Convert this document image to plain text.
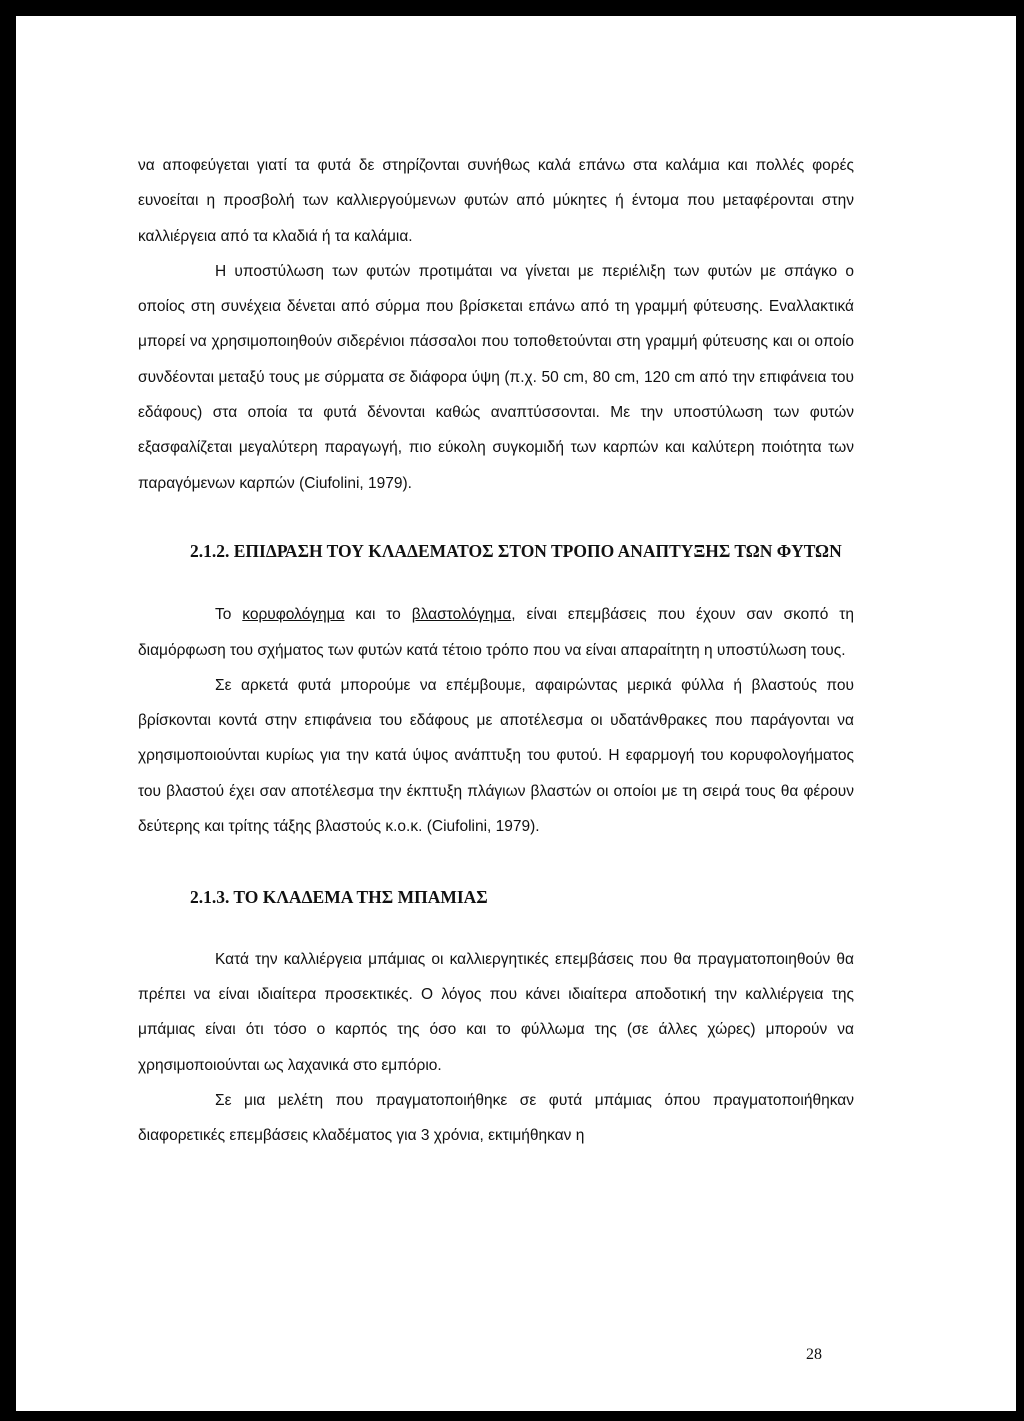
να αποφεύγεται γιατί τα φυτά δε στηρίζονται συνήθως καλά επάνω στα καλάμια και πολλές φορές ευνοείται η προσβολή των καλλιεργούμενων φυτών από μύκητες ή έντομα που μεταφέρονται στην καλλιέργεια από τα κλαδιά ή τα καλάμια.

Η υποστύλωση των φυτών προτιμάται να γίνεται με περιέλιξη των φυτών με σπάγκο ο οποίος στη συνέχεια δένεται από σύρμα που βρίσκεται επάνω από τη γραμμή φύτευσης. Εναλλακτικά μπορεί να χρησιμοποιηθούν σιδερένιοι πάσσαλοι που τοποθετούνται στη γραμμή φύτευσης και οι οποίο συνδέονται μεταξύ τους με σύρματα σε διάφορα ύψη (π.χ. 50 cm, 80 cm, 120 cm από την επιφάνεια του εδάφους) στα οποία τα φυτά δένονται καθώς αναπτύσσονται. Με την υποστύλωση των φυτών εξασφαλίζεται μεγαλύτερη παραγωγή, πιο εύκολη συγκομιδή των καρπών και καλύτερη ποιότητα των παραγόμενων καρπών (Ciufolini, 1979).

2.1.2. ΕΠΙΔΡΑΣΗ ΤΟΥ ΚΛΑΔΕΜΑΤΟΣ ΣΤΟΝ ΤΡΟΠΟ ΑΝΑΠΤΥΞΗΣ ΤΩΝ ΦΥΤΩΝ

Το κορυφολόγημα και το βλαστολόγημα, είναι επεμβάσεις που έχουν σαν σκοπό τη διαμόρφωση του σχήματος των φυτών κατά τέτοιο τρόπο που να είναι απαραίτητη η υποστύλωση τους.

Σε αρκετά φυτά μπορούμε να επέμβουμε, αφαιρώντας μερικά φύλλα ή βλαστούς που βρίσκονται κοντά στην επιφάνεια του εδάφους με αποτέλεσμα οι υδατάνθρακες που παράγονται να χρησιμοποιούνται κυρίως για την κατά ύψος ανάπτυξη του φυτού. Η εφαρμογή του κορυφολογήματος του βλαστού έχει σαν αποτέλεσμα την έκπτυξη πλάγιων βλαστών οι οποίοι με τη σειρά τους θα φέρουν δεύτερης και τρίτης τάξης βλαστούς κ.ο.κ. (Ciufolini, 1979).

2.1.3. ΤΟ ΚΛΑΔΕΜΑ ΤΗΣ ΜΠΑΜΙΑΣ

Κατά την καλλιέργεια μπάμιας οι καλλιεργητικές επεμβάσεις που θα πραγματοποιηθούν θα πρέπει να είναι ιδιαίτερα προσεκτικές. Ο λόγος που κάνει ιδιαίτερα αποδοτική την καλλιέργεια της μπάμιας είναι ότι τόσο ο καρπός της όσο και το φύλλωμα της (σε άλλες χώρες) μπορούν να χρησιμοποιούνται ως λαχανικά στο εμπόριο.

Σε μια μελέτη που πραγματοποιήθηκε σε φυτά μπάμιας όπου πραγματοποιήθηκαν διαφορετικές επεμβάσεις κλαδέματος για 3 χρόνια, εκτιμήθηκαν η

28
